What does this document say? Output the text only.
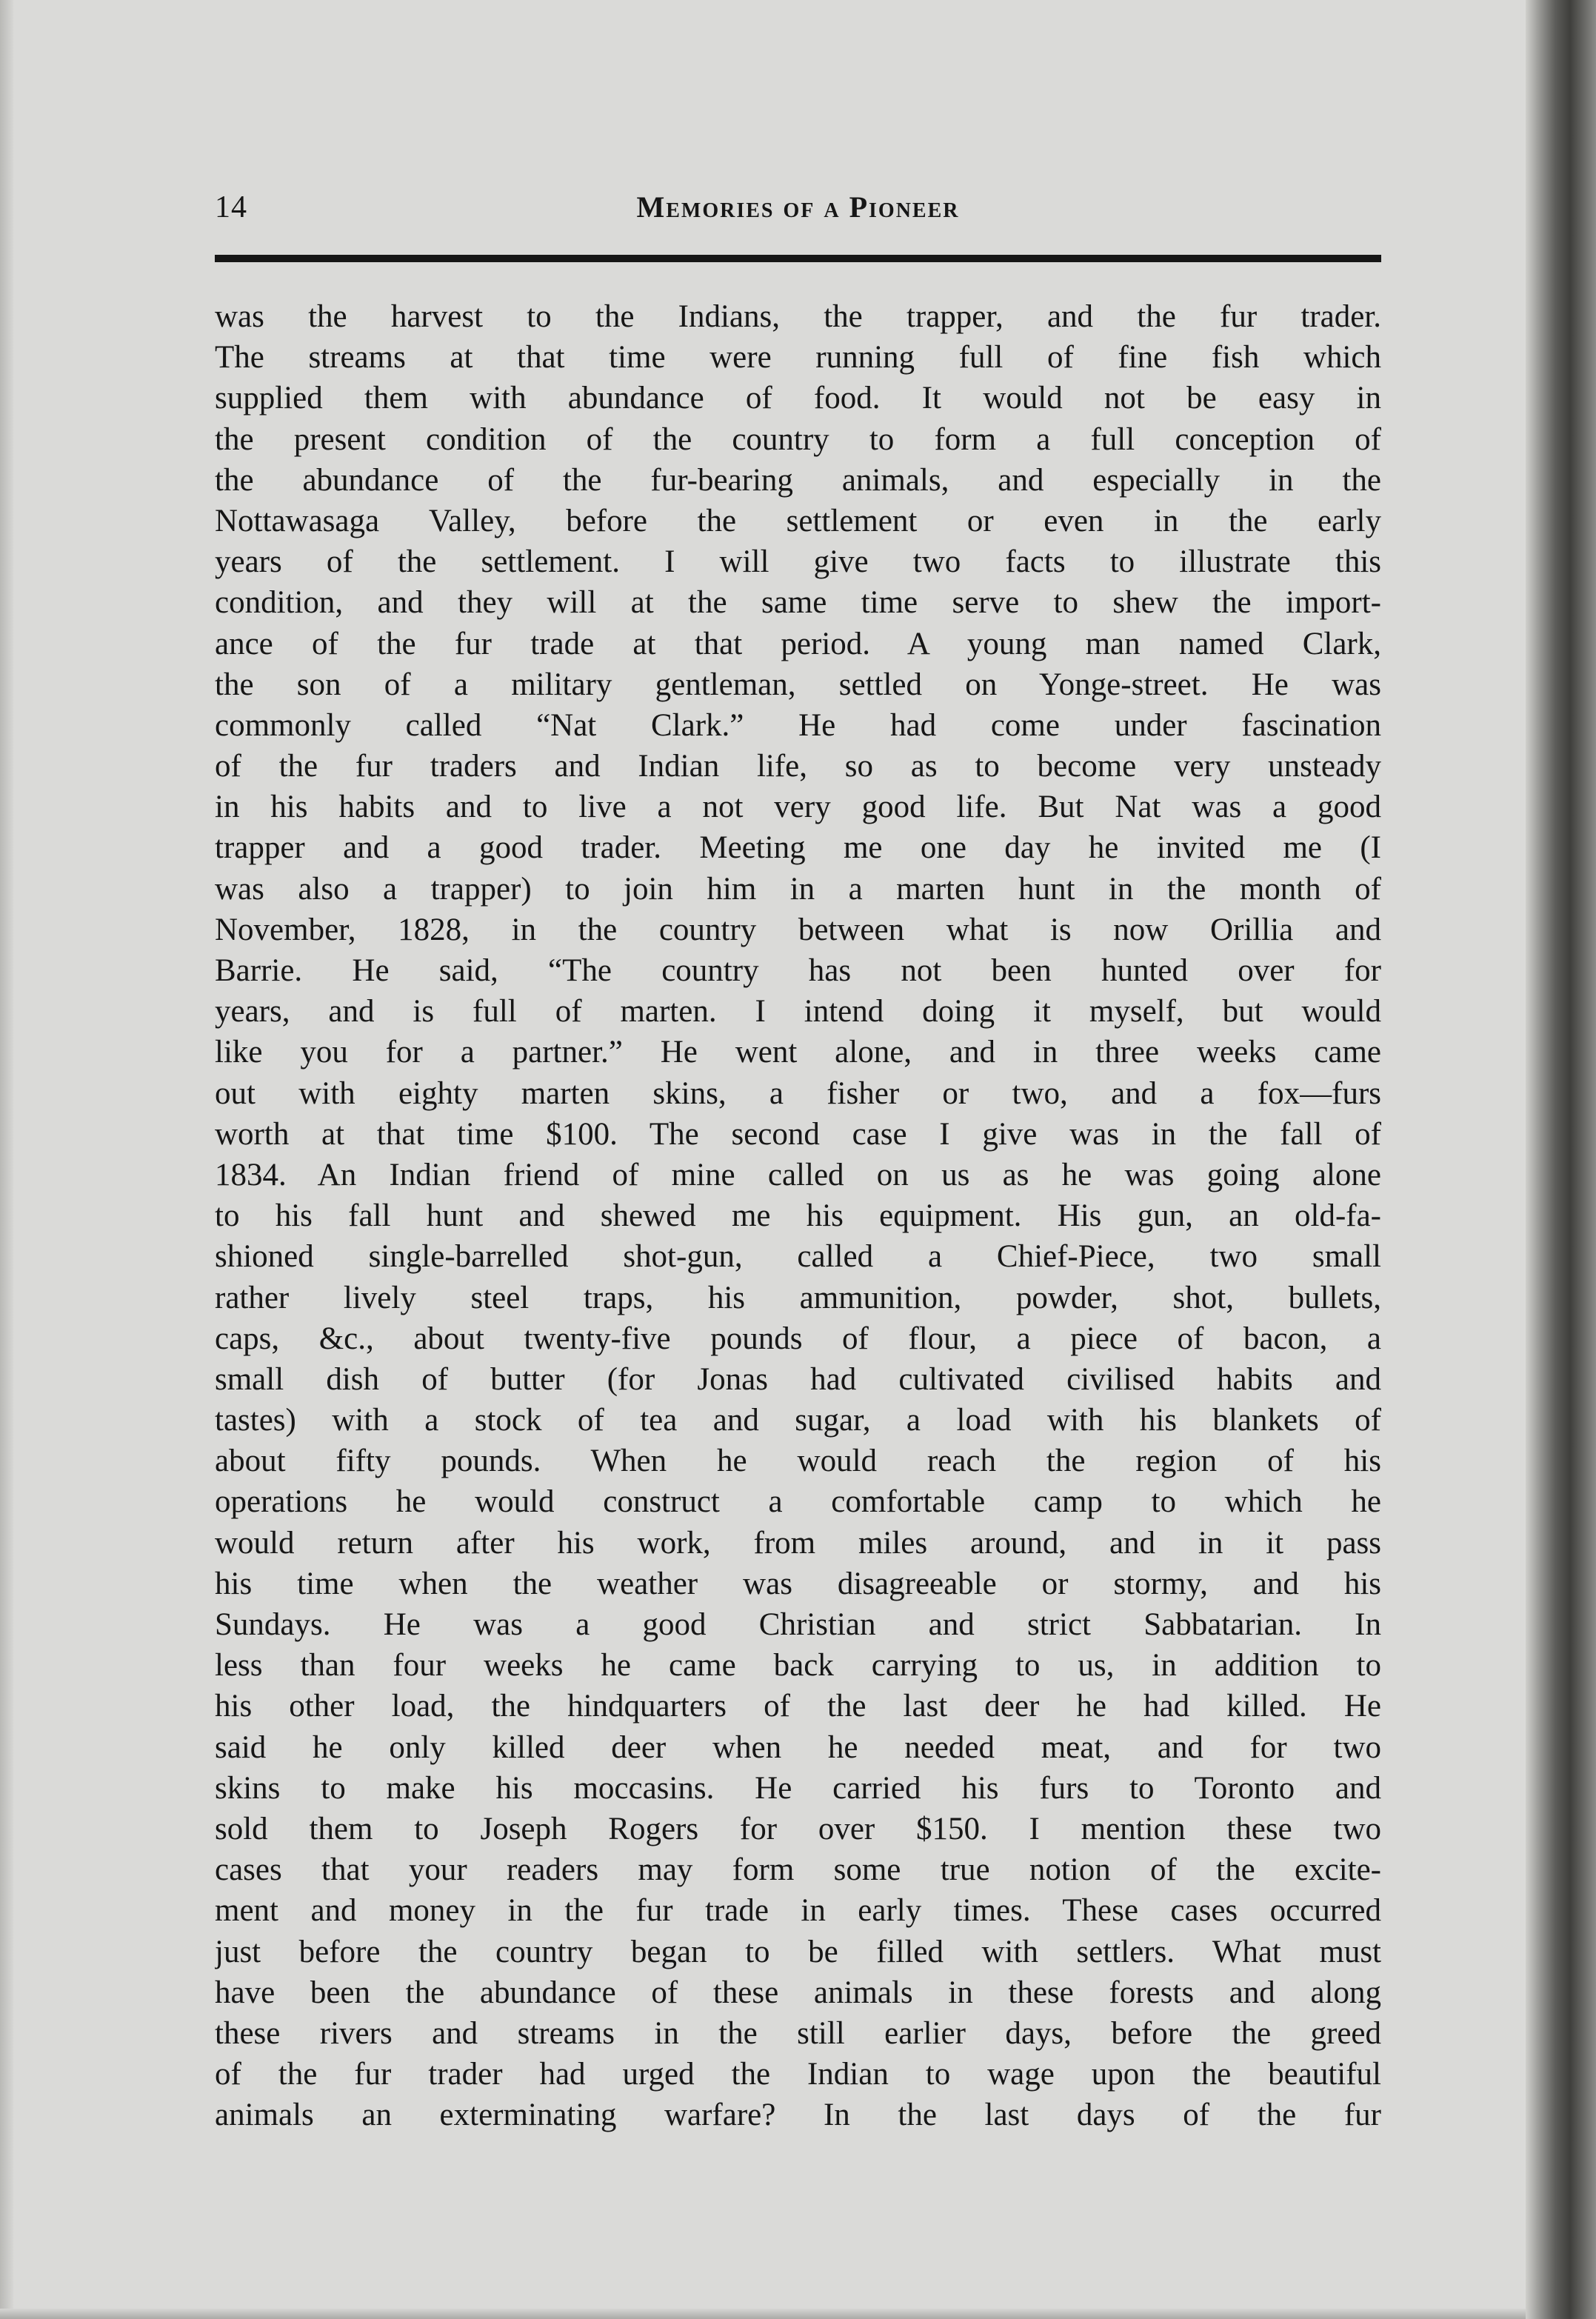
14	Memories of a Pioneer
was the harvest to the Indians, the trapper, and the fur trader.
The streams at that time were running full of fine fish which
supplied them with abundance of food. It would not be easy in
the present condition of the country to form a full conception of
the abundance of the fur-bearing animals, and especially in the
Nottawasaga Valley, before the settlement or even in the early
years of the settlement. I will give two facts to illustrate this
condition, and they will at the same time serve to shew the import-
ance of the fur trade at that period. A young man named Clark,
the son of a military gentleman, settled on Yonge-street. He was
commonly called “Nat Clark.” He had come under fascination
of the fur traders and Indian life, so as to become very unsteady
in his habits and to live a not very good life. But Nat was a good
trapper and a good trader. Meeting me one day he invited me (I
was also a trapper) to join him in a marten hunt in the month of
November, 1828, in the country between what is now Orillia and
Barrie. He said, “The country has not been hunted over for
years, and is full of marten. I intend doing it myself, but would
like you for a partner.” He went alone, and in three weeks came
out with eighty marten skins, a fisher or two, and a fox—furs
worth at that time $100. The second case I give was in the fall of
1834. An Indian friend of mine called on us as he was going alone
to his fall hunt and shewed me his equipment. His gun, an old-fa-
shioned single-barrelled shot-gun, called a Chief-Piece, two small
rather lively steel traps, his ammunition, powder, shot, bullets,
caps, &c., about twenty-five pounds of flour, a piece of bacon, a
small dish of butter (for Jonas had cultivated civilised habits and
tastes) with a stock of tea and sugar, a load with his blankets of
about fifty pounds. When he would reach the region of his
operations he would construct a comfortable camp to which he
would return after his work, from miles around, and in it pass
his time when the weather was disagreeable or stormy, and his
Sundays. He was a good Christian and strict Sabbatarian. In
less than four weeks he came back carrying to us, in addition to
his other load, the hindquarters of the last deer he had killed. He
said he only killed deer when he needed meat, and for two
skins to make his moccasins. He carried his furs to Toronto and
sold them to Joseph Rogers for over $150. I mention these two
cases that your readers may form some true notion of the excite-
ment and money in the fur trade in early times. These cases occurred
just before the country began to be filled with settlers. What must
have been the abundance of these animals in these forests and along
these rivers and streams in the still earlier days, before the greed
of the fur trader had urged the Indian to wage upon the beautiful
animals an exterminating warfare? In the last days of the fur
